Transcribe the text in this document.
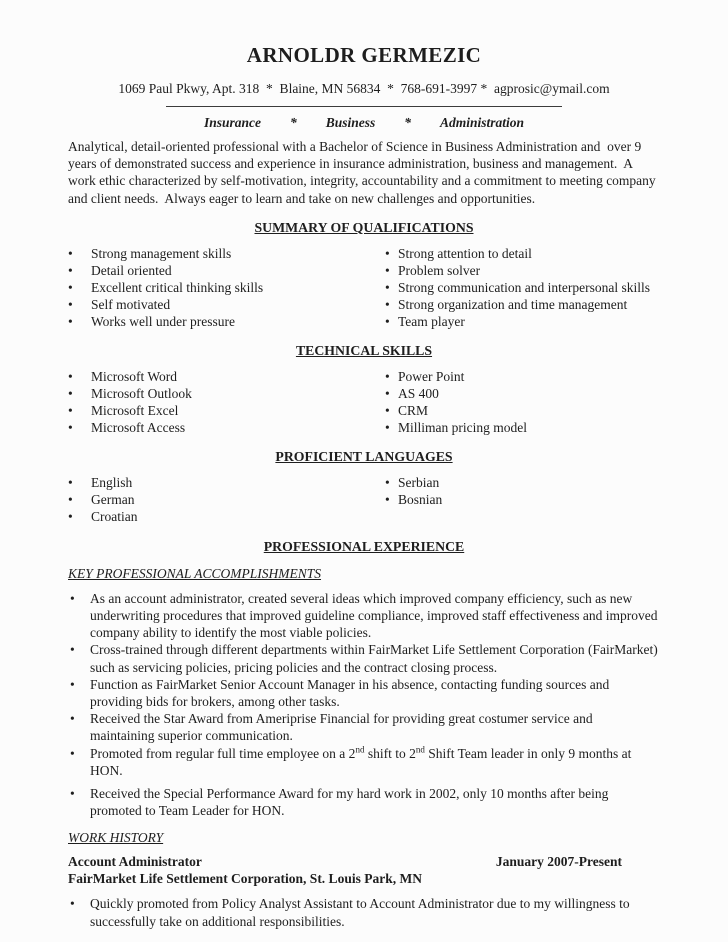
ARNOLDR GERMEZIC
1069 Paul Pkwy, Apt. 318  *  Blaine, MN 56834  *  768-691-3997 *  agprosic@ymail.com
Insurance * Business * Administration
Analytical, detail-oriented professional with a Bachelor of Science in Business Administration and  over 9 years of demonstrated success and experience in insurance administration, business and management.  A work ethic characterized by self-motivation, integrity, accountability and a commitment to meeting company and client needs.  Always eager to learn and take on new challenges and opportunities.
SUMMARY OF QUALIFICATIONS
• Strong management skills
• Detail oriented
• Excellent critical thinking skills
• Self motivated
• Works well under pressure
• Strong attention to detail
• Problem solver
• Strong communication and interpersonal skills
• Strong organization and time management
• Team player
TECHNICAL SKILLS
• Microsoft Word
• Microsoft Outlook
• Microsoft Excel
• Microsoft Access
• Power Point
• AS 400
• CRM
• Milliman pricing model
PROFICIENT LANGUAGES
• English
• German
• Croatian
• Serbian
• Bosnian
PROFESSIONAL EXPERIENCE
KEY PROFESSIONAL ACCOMPLISHMENTS
• As an account administrator, created several ideas which improved company efficiency, such as new underwriting procedures that improved guideline compliance, improved staff effectiveness and improved company ability to identify the most viable policies.
• Cross-trained through different departments within FairMarket Life Settlement Corporation (FairMarket) such as servicing policies, pricing policies and the contract closing process.
• Function as FairMarket Senior Account Manager in his absence, contacting funding sources and providing bids for brokers, among other tasks.
• Received the Star Award from Ameriprise Financial for providing great costumer service and maintaining superior communication.
• Promoted from regular full time employee on a 2nd shift to 2nd Shift Team leader in only 9 months at HON.
• Received the Special Performance Award for my hard work in 2002, only 10 months after being promoted to Team Leader for HON.
WORK HISTORY
Account Administrator	January 2007-Present
FairMarket Life Settlement Corporation, St. Louis Park, MN
• Quickly promoted from Policy Analyst Assistant to Account Administrator due to my willingness to successfully take on additional responsibilities.
